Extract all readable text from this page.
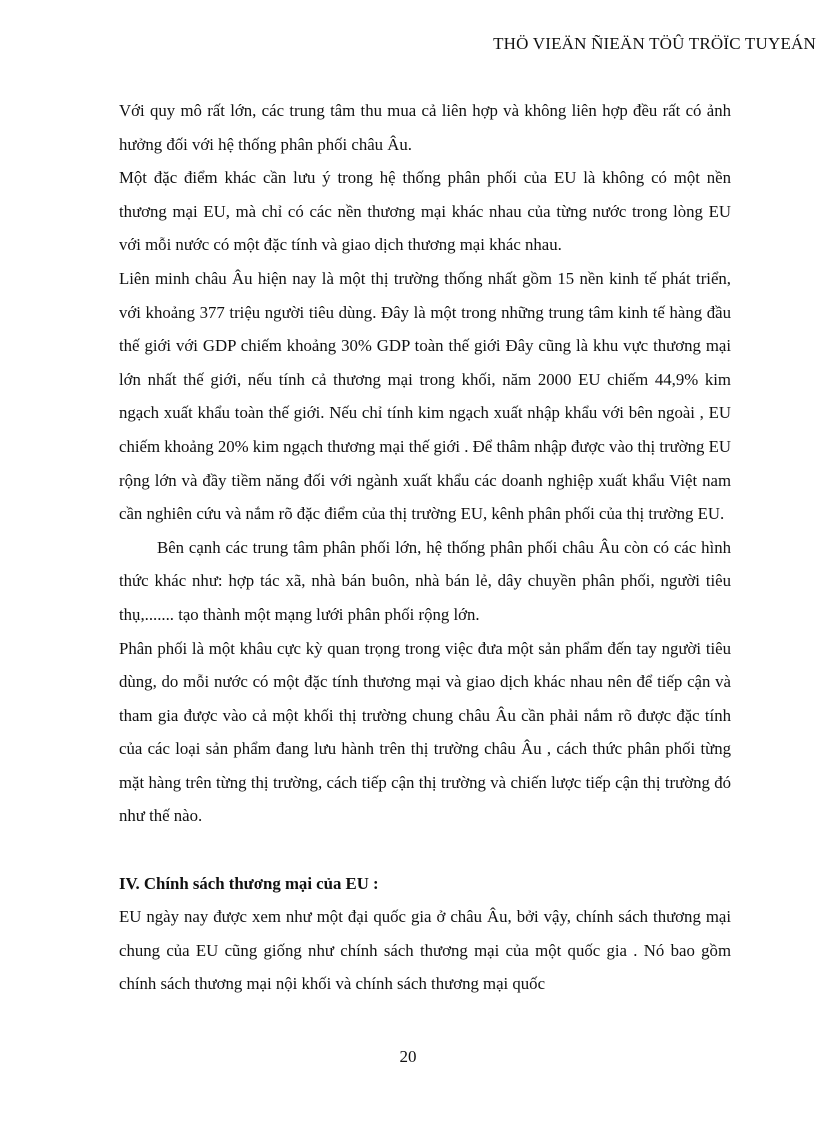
THÖ VIEÄN ÑIEÄN TÖÛ TRÖÏC TUYEÁN

Với quy mô rất lớn, các trung tâm thu mua cả liên hợp và không liên hợp đều rất có ảnh hưởng đối với hệ thống phân phối châu Âu.

Một đặc điểm khác cần lưu ý trong hệ thống phân phối của EU là không có một nền thương mại EU, mà chỉ có các nền thương mại khác nhau của từng nước trong lòng EU với mỗi nước có một đặc tính và giao dịch thương mại khác nhau.

Liên minh châu Âu hiện nay là một thị trường thống nhất gồm 15 nền kinh tế phát triển, với khoảng 377 triệu người tiêu dùng. Đây là một trong những trung tâm kinh tế hàng đầu thế giới với GDP chiếm khoảng 30% GDP toàn thế giới Đây cũng là khu vực thương mại lớn nhất thế giới, nếu tính cả thương mại trong khối, năm 2000 EU chiếm 44,9% kim ngạch xuất khẩu toàn thế giới. Nếu chỉ tính kim ngạch xuất nhập khẩu với bên ngoài , EU chiếm khoảng 20% kim ngạch thương mại thế giới . Để thâm nhập được vào thị trường EU rộng lớn và đầy tiềm năng đối với ngành xuất khẩu các doanh nghiệp xuất khẩu Việt nam cần nghiên cứu và nắm rõ đặc điểm của thị trường EU, kênh phân phối của thị trường EU.

Bên cạnh các trung tâm phân phối lớn, hệ thống phân phối châu Âu còn có các hình thức khác như: hợp tác xã, nhà bán buôn, nhà bán lẻ, dây chuyền phân phối, người tiêu thụ,....... tạo thành một mạng lưới phân phối rộng lớn.

Phân phối là một khâu cực kỳ quan trọng trong việc đưa một sản phẩm đến tay người tiêu dùng, do mỗi nước có một đặc tính thương mại và giao dịch khác nhau nên để tiếp cận và tham gia được vào cả một khối thị trường chung châu Âu cần phải nắm rõ được đặc tính của các loại sản phẩm đang lưu hành trên thị trường châu Âu , cách thức phân phối từng mặt hàng trên từng thị trường, cách tiếp cận thị trường và chiến lược tiếp cận thị trường đó như thế nào.

IV. Chính sách thương mại của EU :

EU ngày nay được xem như một đại quốc gia ở châu Âu, bởi vậy, chính sách thương mại chung của EU cũng giống như chính sách thương mại của một quốc gia . Nó bao gồm chính sách thương mại nội khối và chính sách thương mại quốc

20
